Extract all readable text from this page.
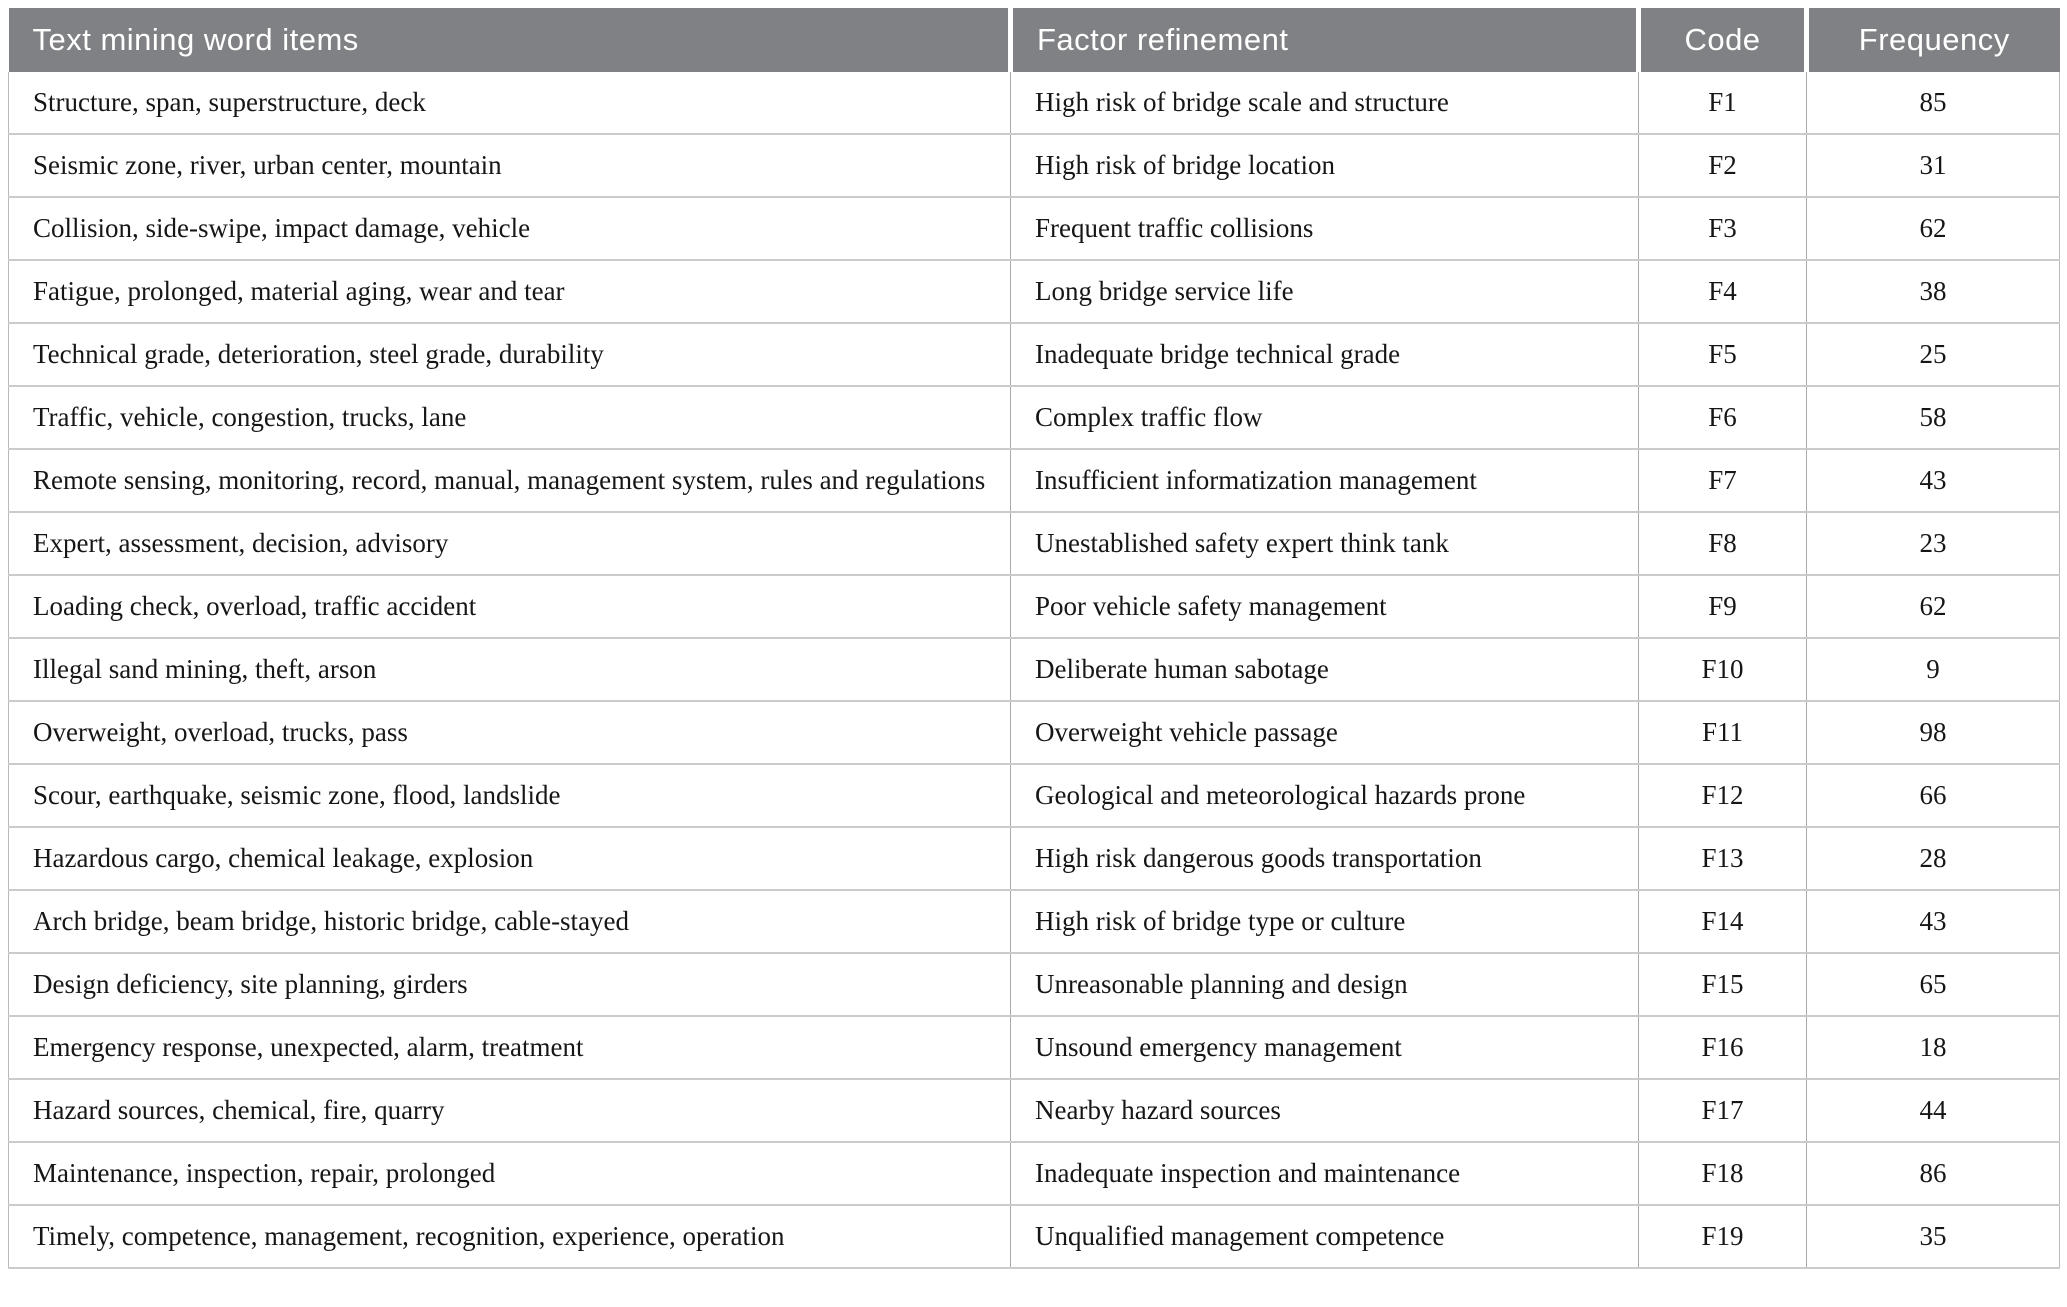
Text mining word items	Factor refinement	Code	Frequency
Structure, span, superstructure, deck	High risk of bridge scale and structure	F1	85
Seismic zone, river, urban center, mountain	High risk of bridge location	F2	31
Collision, side-swipe, impact damage, vehicle	Frequent traffic collisions	F3	62
Fatigue, prolonged, material aging, wear and tear	Long bridge service life	F4	38
Technical grade, deterioration, steel grade, durability	Inadequate bridge technical grade	F5	25
Traffic, vehicle, congestion, trucks, lane	Complex traffic flow	F6	58
Remote sensing, monitoring, record, manual, management system, rules and regulations	Insufficient informatization management	F7	43
Expert, assessment, decision, advisory	Unestablished safety expert think tank	F8	23
Loading check, overload, traffic accident	Poor vehicle safety management	F9	62
Illegal sand mining, theft, arson	Deliberate human sabotage	F10	9
Overweight, overload, trucks, pass	Overweight vehicle passage	F11	98
Scour, earthquake, seismic zone, flood, landslide	Geological and meteorological hazards prone	F12	66
Hazardous cargo, chemical leakage, explosion	High risk dangerous goods transportation	F13	28
Arch bridge, beam bridge, historic bridge, cable-stayed	High risk of bridge type or culture	F14	43
Design deficiency, site planning, girders	Unreasonable planning and design	F15	65
Emergency response, unexpected, alarm, treatment	Unsound emergency management	F16	18
Hazard sources, chemical, fire, quarry	Nearby hazard sources	F17	44
Maintenance, inspection, repair, prolonged	Inadequate inspection and maintenance	F18	86
Timely, competence, management, recognition, experience, operation	Unqualified management competence	F19	35
